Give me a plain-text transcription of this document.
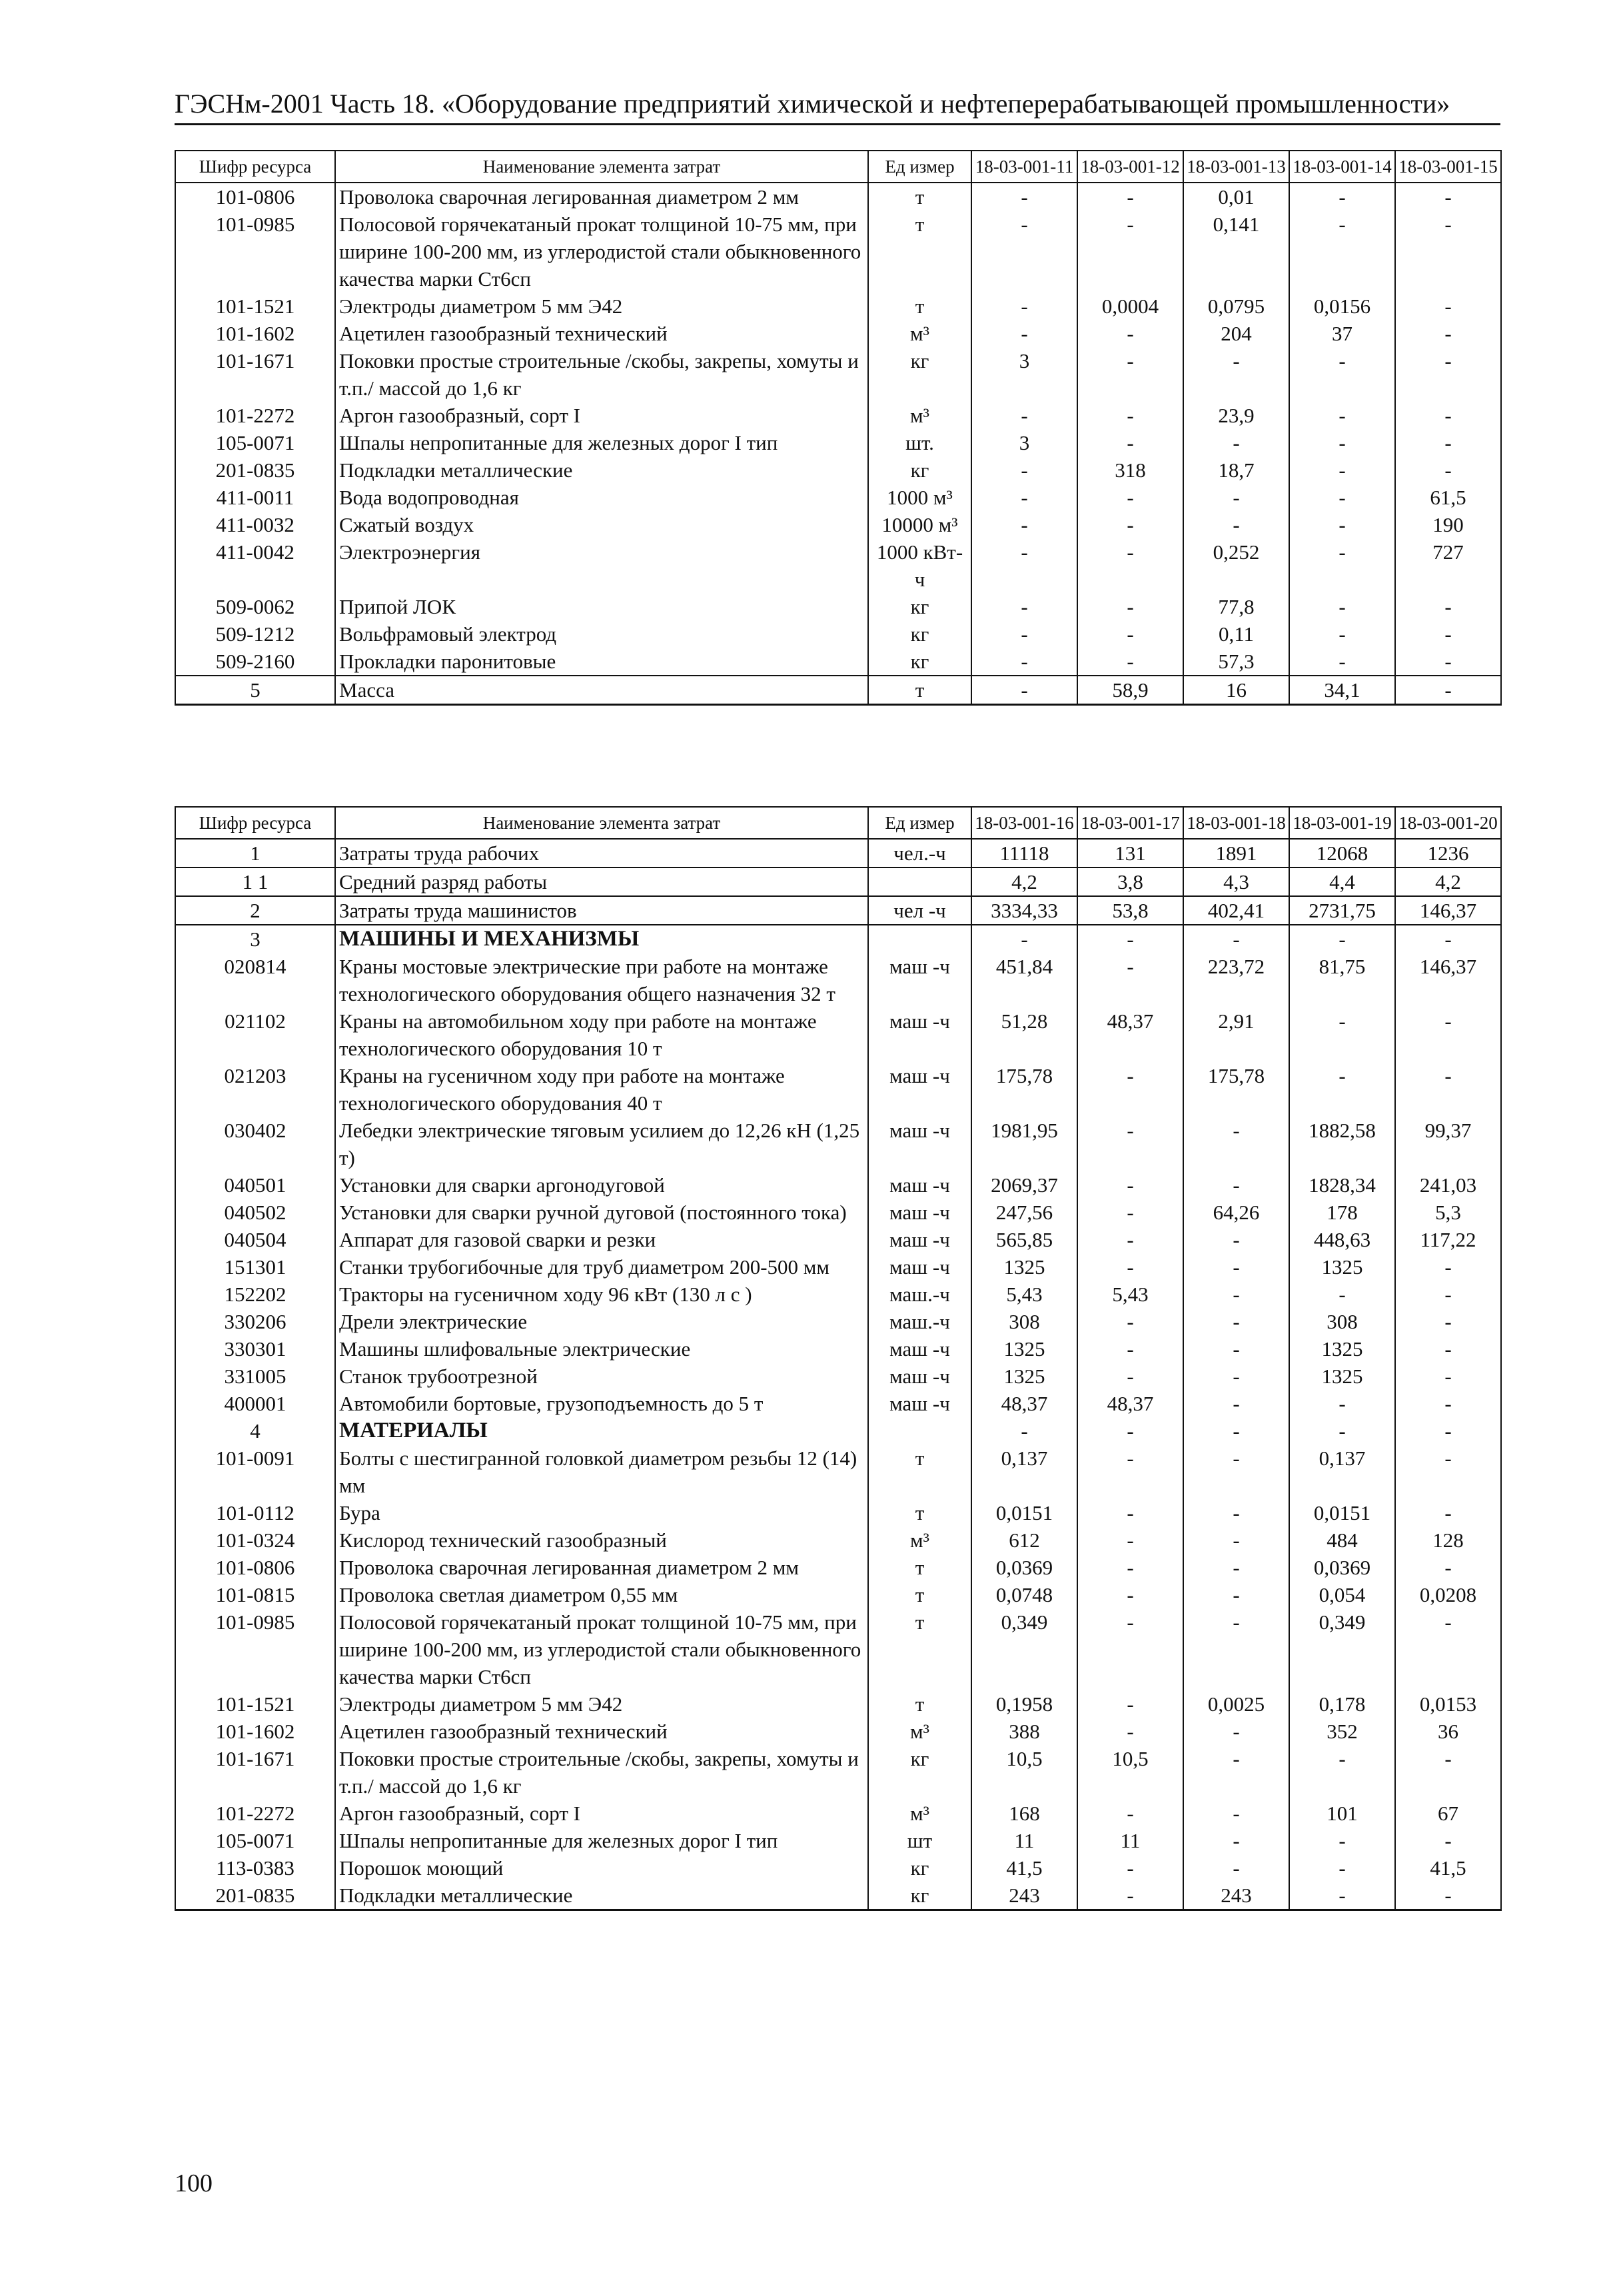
ГЭСНм-2001 Часть 18. «Оборудование предприятий химической и нефтеперерабатывающей промышленности»
Шифр ресурса	Наименование элемента затрат	Ед измер	18-03-001-11	18-03-001-12	18-03-001-13	18-03-001-14	18-03-001-15
101-0806	Проволока сварочная легированная диаметром 2 мм	т	-	-	0,01	-	-
101-0985	Полосовой горячекатаный прокат толщиной 10-75 мм, при ширине 100-200 мм, из углеродистой стали обыкновенного качества марки Ст6сп	т	-	-	0,141	-	-
101-1521	Электроды диаметром 5 мм Э42	т	-	0,0004	0,0795	0,0156	-
101-1602	Ацетилен газообразный технический	м³	-	-	204	37	-
101-1671	Поковки простые строительные /скобы, закрепы, хомуты и т.п./ массой до 1,6 кг	кг	3	-	-	-	-
101-2272	Аргон газообразный, сорт I	м³	-	-	23,9	-	-
105-0071	Шпалы непропитанные для железных дорог I тип	шт.	3	-	-	-	-
201-0835	Подкладки металлические	кг	-	318	18,7	-	-
411-0011	Вода водопроводная	1000 м³	-	-	-	-	61,5
411-0032	Сжатый воздух	10000 м³	-	-	-	-	190
411-0042	Электроэнергия	1000 кВт-ч	-	-	0,252	-	727
509-0062	Припой ЛОК	кг	-	-	77,8	-	-
509-1212	Вольфрамовый электрод	кг	-	-	0,11	-	-
509-2160	Прокладки паронитовые	кг	-	-	57,3	-	-
5	Масса	т	-	58,9	16	34,1	-
Шифр ресурса	Наименование элемента затрат	Ед измер	18-03-001-16	18-03-001-17	18-03-001-18	18-03-001-19	18-03-001-20
1	Затраты труда рабочих	чел.-ч	11118	131	1891	12068	1236
1 1	Средний разряд работы		4,2	3,8	4,3	4,4	4,2
2	Затраты труда машинистов	чел -ч	3334,33	53,8	402,41	2731,75	146,37
3	МАШИНЫ И МЕХАНИЗМЫ		-	-	-	-	-
020814	Краны мостовые электрические при работе на монтаже технологического оборудования общего назначения 32 т	маш -ч	451,84	-	223,72	81,75	146,37
021102	Краны на автомобильном ходу при работе на монтаже технологического оборудования 10 т	маш -ч	51,28	48,37	2,91	-	-
021203	Краны на гусеничном ходу при работе на монтаже технологического оборудования 40 т	маш -ч	175,78	-	175,78	-	-
030402	Лебедки электрические тяговым усилием до 12,26 кН (1,25 т)	маш -ч	1981,95	-	-	1882,58	99,37
040501	Установки для сварки аргонодуговой	маш -ч	2069,37	-	-	1828,34	241,03
040502	Установки для сварки ручной дуговой (постоянного тока)	маш -ч	247,56	-	64,26	178	5,3
040504	Аппарат для газовой сварки и резки	маш -ч	565,85	-	-	448,63	117,22
151301	Станки трубогибочные для труб диаметром 200-500 мм	маш -ч	1325	-	-	1325	-
152202	Тракторы на гусеничном ходу 96 кВт (130 л с )	маш.-ч	5,43	5,43	-	-	-
330206	Дрели электрические	маш.-ч	308	-	-	308	-
330301	Машины шлифовальные электрические	маш -ч	1325	-	-	1325	-
331005	Станок трубоотрезной	маш -ч	1325	-	-	1325	-
400001	Автомобили бортовые, грузоподъемность до 5 т	маш -ч	48,37	48,37	-	-	-
4	МАТЕРИАЛЫ		-	-	-	-	-
101-0091	Болты с шестигранной головкой диаметром резьбы 12 (14) мм	т	0,137	-	-	0,137	-
101-0112	Бура	т	0,0151	-	-	0,0151	-
101-0324	Кислород технический газообразный	м³	612	-	-	484	128
101-0806	Проволока сварочная легированная диаметром 2 мм	т	0,0369	-	-	0,0369	-
101-0815	Проволока светлая диаметром 0,55 мм	т	0,0748	-	-	0,054	0,0208
101-0985	Полосовой горячекатаный прокат толщиной 10-75 мм, при ширине 100-200 мм, из углеродистой стали обыкновенного качества марки Ст6сп	т	0,349	-	-	0,349	-
101-1521	Электроды диаметром 5 мм Э42	т	0,1958	-	0,0025	0,178	0,0153
101-1602	Ацетилен газообразный технический	м³	388	-	-	352	36
101-1671	Поковки простые строительные /скобы, закрепы, хомуты и т.п./ массой до 1,6 кг	кг	10,5	10,5	-	-	-
101-2272	Аргон газообразный, сорт I	м³	168	-	-	101	67
105-0071	Шпалы непропитанные для железных дорог I тип	шт	11	11	-	-	-
113-0383	Порошок моющий	кг	41,5	-	-	-	41,5
201-0835	Подкладки металлические	кг	243	-	243	-	-
100
